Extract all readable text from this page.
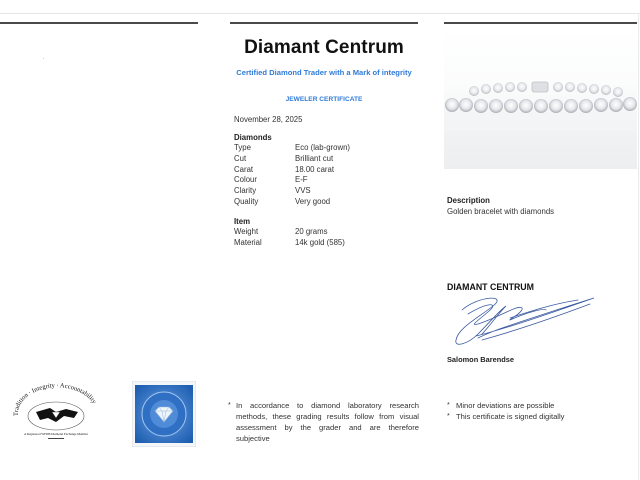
Diamant Centrum
Certified Diamond Trader with a Mark of integrity
JEWELER CERTIFICATE
November 28, 2025
Diamonds
Type	Eco (lab-grown)
Cut	Brilliant cut
Carat	18.00 carat
Colour	E-F
Clarity	VVS
Quality	Very good
Item
Weight	20 grams
Material	14k gold (585)
Description
Golden bracelet with diamonds
DIAMANT CENTRUM
Salomon Barendse
* Minor deviations are possible
* This certificate is signed digitally
* In accordance to diamond laboratory research methods, these grading results follow from visual assessment by the grader and are therefore subjective
Tradition · Integrity · Accountability
A Registered WFDB Diamond Exchange Member
